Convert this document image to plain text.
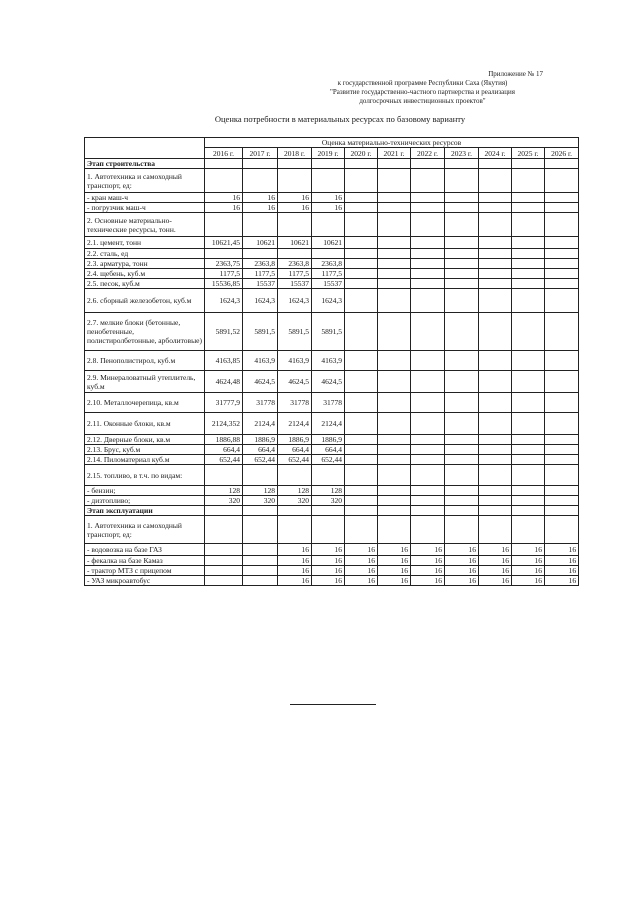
Приложение № 17
к государственной программе Республики Саха (Якутия)
"Развитие государственно-частного партнерства и реализация
долгосрочных инвестиционных проектов"
Оценка потребности в материальных ресурсах по базовому варианту
	Оценка материально-технических ресурсов										
	2016 г.	2017 г.	2018 г.	2019 г.	2020 г.	2021 г.	2022 г.	2023 г.	2024 г.	2025 г.	2026 г.
Этап строительства											
1. Автотехника и самоходный транспорт, ед:											
- кран маш-ч	16	16	16	16							
- погрузчик маш-ч	16	16	16	16							
2. Основные материально-технические ресурсы, тонн.											
2.1. цемент, тонн	10621,45	10621	10621	10621							
2.2. сталь, ед											
2.3. арматура, тонн	2363,75	2363,8	2363,8	2363,8							
2.4. щебень, куб.м	1177,5	1177,5	1177,5	1177,5							
2.5. песок, куб.м	15536,85	15537	15537	15537							
2.6. сборный железобетон, куб.м	1624,3	1624,3	1624,3	1624,3							
2.7. мелкие блоки (бетонные, пенобетенные, полистиролбетонные, арболитовые)	5891,52	5891,5	5891,5	5891,5							
2.8. Пенополистирол, куб.м	4163,85	4163,9	4163,9	4163,9							
2.9. Минераловатный утеплитель, куб.м	4624,48	4624,5	4624,5	4624,5							
2.10. Металлочерепица, кв.м	31777,9	31778	31778	31778							
2.11. Оконные блоки, кв.м	2124,352	2124,4	2124,4	2124,4							
2.12. Дверные блоки, кв.м	1886,88	1886,9	1886,9	1886,9							
2.13. Брус, куб.м	664,4	664,4	664,4	664,4							
2.14. Пиломатериал куб.м	652,44	652,44	652,44	652,44							
2.15. топливо, в т.ч. по видам:											
- бензин;	128	128	128	128							
- дизтопливо;	320	320	320	320							
Этап эксплуатации											
1. Автотехника и самоходный транспорт, ед:											
- водовозка на базе ГАЗ			16	16	16	16	16	16	16	16	16
- фекалка на базе Камаз			16	16	16	16	16	16	16	16	16
- трактор МТЗ с прицепом			16	16	16	16	16	16	16	16	16
- УАЗ микроавтобус			16	16	16	16	16	16	16	16	16
